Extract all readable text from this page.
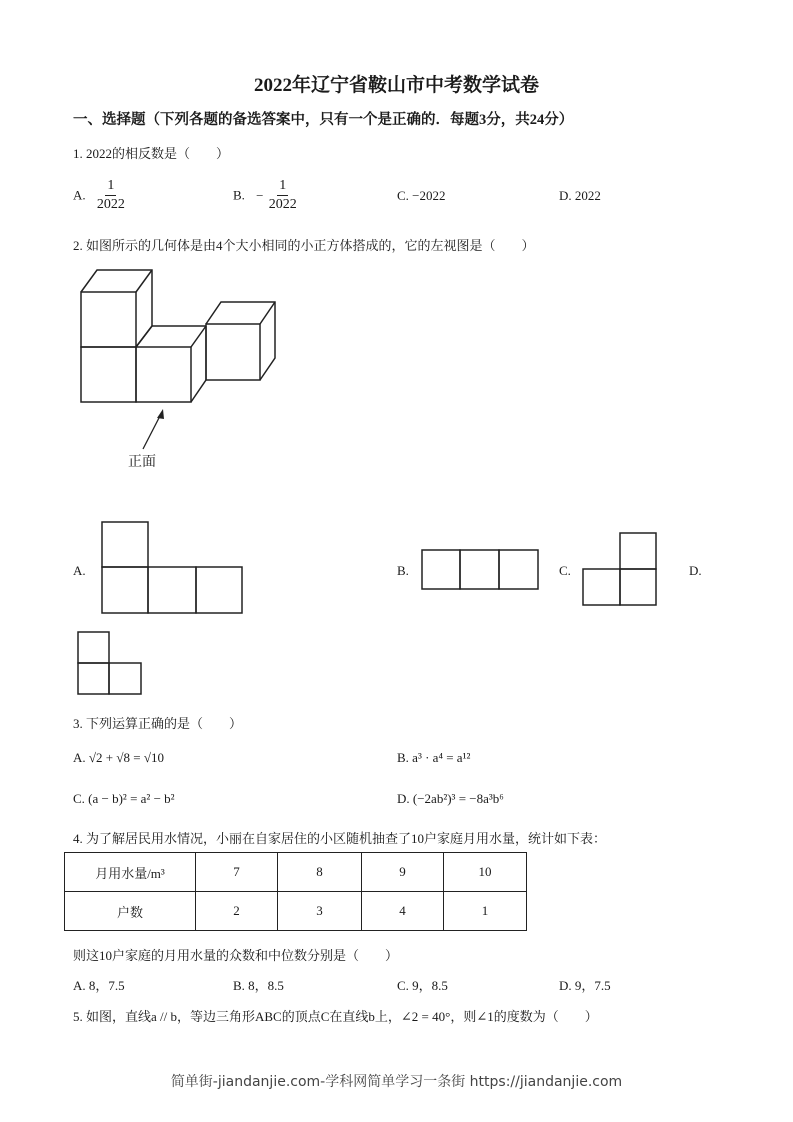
2022年辽宁省鞍山市中考数学试卷
一、选择题（下列各题的备选答案中，只有一个是正确的．每题3分，共24分）
1. 2022的相反数是（　　）
A. $\frac{1}{2022}$	B. − $\frac{1}{2022}$	C. −2022	D. 2022
2. 如图所示的几何体是由4个大小相同的小正方体搭成的，它的左视图是（　　）
正面
A.	B.	C.	D.
3. 下列运算正确的是（　　）
A. √2 + √8 = √10	B. a³ · a⁴ = a¹²
C. (a − b)² = a² − b²	D. (−2ab²)³ = −8a³b⁶
4. 为了解居民用水情况，小丽在自家居住的小区随机抽查了10户家庭月用水量，统计如下表：
月用水量/m³	7	8	9	10
户数	2	3	4	1
则这10户家庭的月用水量的众数和中位数分别是（　　）
A. 8，7.5	B. 8，8.5	C. 9，8.5	D. 9，7.5
5. 如图，直线a // b，等边三角形ABC的顶点C在直线b上，∠2 = 40°，则∠1的度数为（　　）
简单街-jiandanjie.com-学科网简单学习一条街 https://jiandanjie.com
